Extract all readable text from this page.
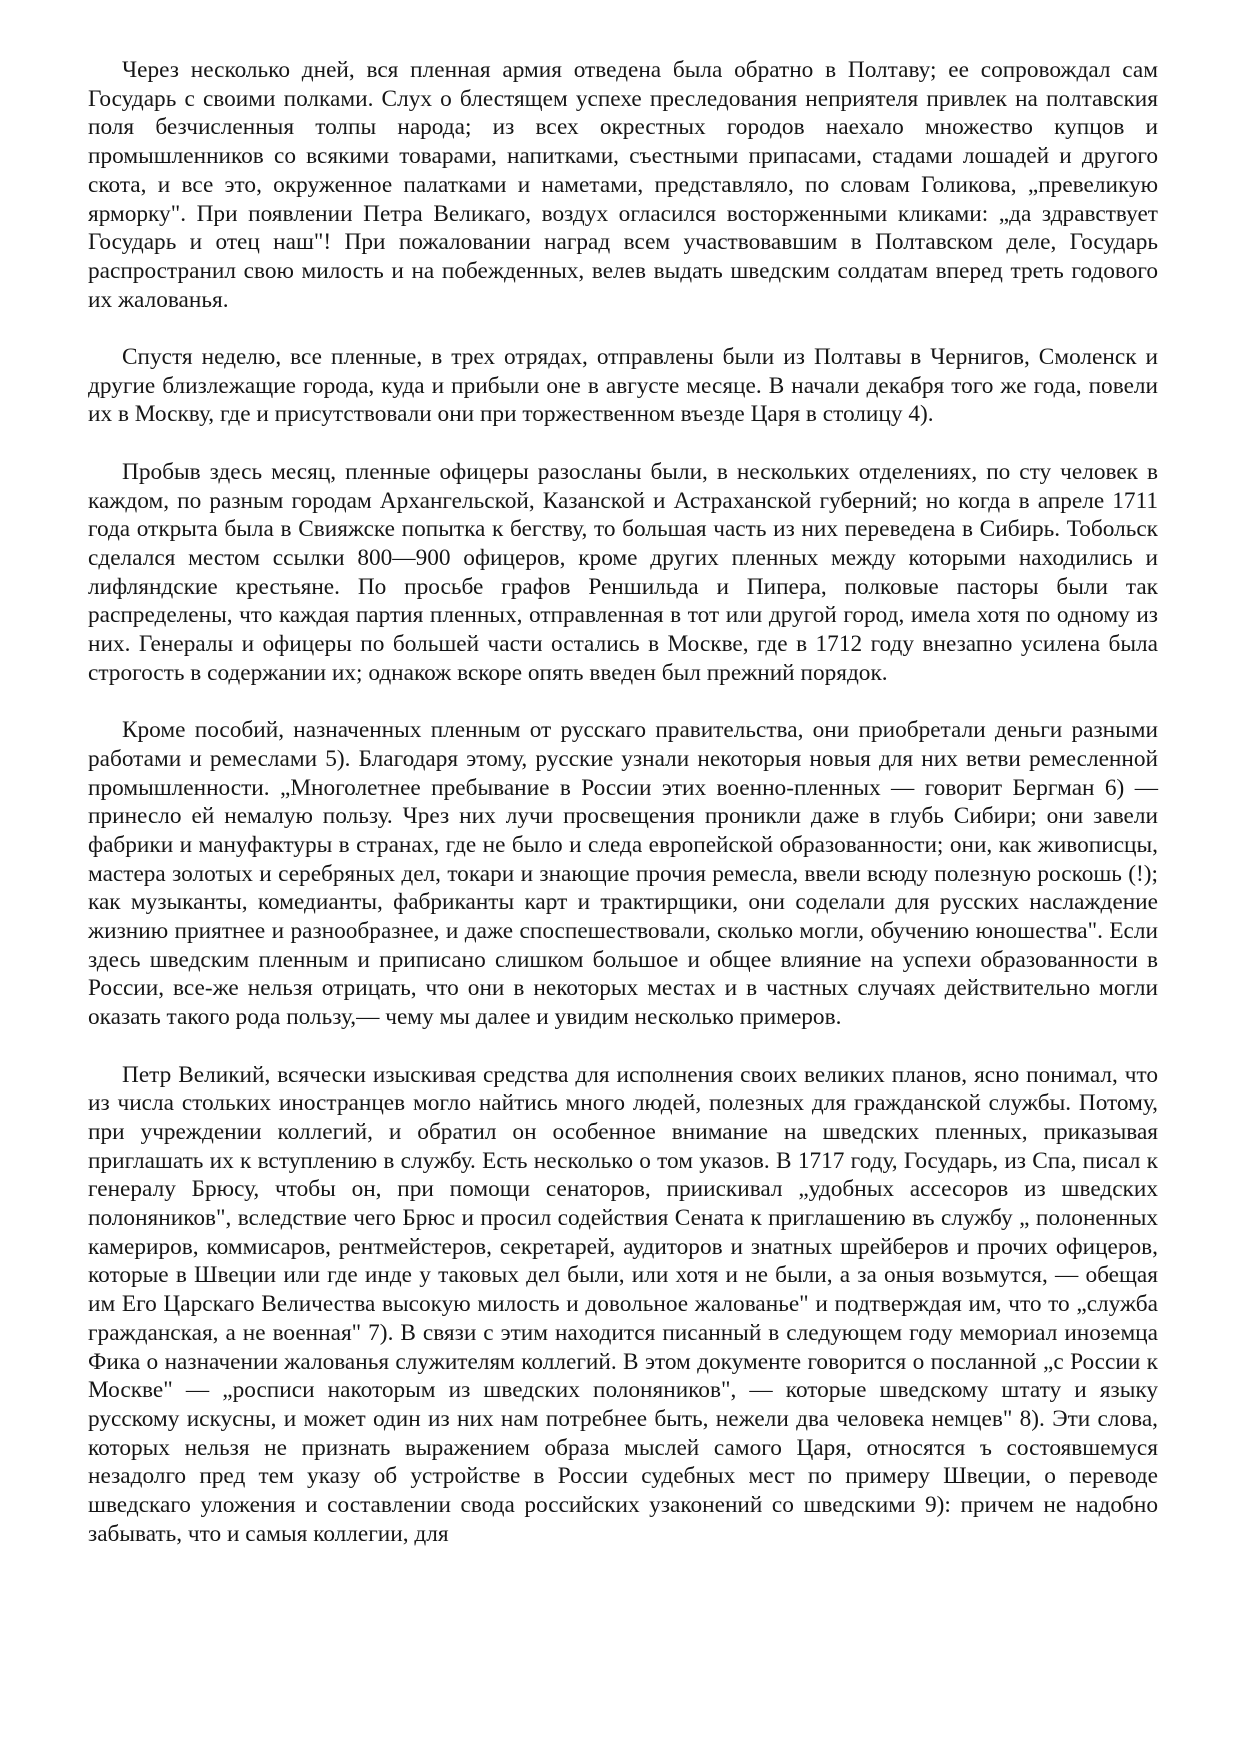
Через несколько дней, вся пленная армия отведена была обратно в Полтаву; ее сопровождал сам Государь с своими полками. Слух о блестящем успехе преследования неприятеля привлек на полтавския поля безчисленныя толпы народа; из всех окрестных городов наехало множество купцов и промышленников со всякими товарами, напитками, съестными припасами, стадами лошадей и другого скота, и все это, окруженное палатками и наметами, представляло, по словам Голикова, „превеликую ярморку". При появлении Петра Великаго, воздух огласился восторженными кликами: „да здравствует Государь и отец наш"! При пожаловании наград всем участвовавшим в Полтавском деле, Государь распространил свою милость и на побежденных, велев выдать шведским солдатам вперед треть годового их жалованья.

Спустя неделю, все пленные, в трех отрядах, отправлены были из Полтавы в Чернигов, Смоленск и другие близлежащие города, куда и прибыли оне в августе месяце. В начали декабря того же года, повели их в Москву, где и присутствовали они при торжественном въезде Царя в столицу 4).

Пробыв здесь месяц, пленные офицеры разосланы были, в нескольких отделениях, по сту человек в каждом, по разным городам Архангельской, Казанской и Астраханской губерний; но когда в апреле 1711 года открыта была в Свияжске попытка к бегству, то большая часть из них переведена в Сибирь. Тобольск сделался местом ссылки 800—900 офицеров, кроме других пленных между которыми находились и лифляндские крестьяне. По просьбе графов Реншильда и Пипера, полковые пасторы были так распределены, что каждая партия пленных, отправленная в тот или другой город, имела хотя по одному из них. Генералы и офицеры по большей части остались в Москве, где в 1712 году внезапно усилена была строгость в содержании их; однакож вскоре опять введен был прежний порядок.

Кроме пособий, назначенных пленным от русскаго правительства, они приобретали деньги разными работами и ремеслами 5). Благодаря этому, русские узнали некоторыя новыя для них ветви ремесленной промышленности. „Многолетнее пребывание в России этих военно-пленных — говорит Бергман 6) — принесло ей немалую пользу. Чрез них лучи просвещения проникли даже в глубь Сибири; они завели фабрики и мануфактуры в странах, где не было и следа европейской образованности; они, как живописцы, мастера золотых и серебряных дел, токари и знающие прочия ремесла, ввели всюду полезную роскошь (!); как музыканты, комедианты, фабриканты карт и трактирщики, они соделали для русских наслаждение жизнию приятнее и разнообразнее, и даже споспешествовали, сколько могли, обучению юношества". Если здесь шведским пленным и приписано слишком большое и общее влияние на успехи образованности в России, все-же нельзя отрицать, что они в некоторых местах и в частных случаях действительно могли оказать такого рода пользу,— чему мы далее и увидим несколько примеров.

Петр Великий, всячески изыскивая средства для исполнения своих великих планов, ясно понимал, что из числа стольких иностранцев могло найтись много людей, полезных для гражданской службы. Потому, при учреждении коллегий, и обратил он особенное внимание на шведских пленных, приказывая приглашать их к вступлению в службу. Есть несколько о том указов. В 1717 году, Государь, из Спа, писал к генералу Брюсу, чтобы он, при помощи сенаторов, приискивал „удобных ассесоров из шведских полоняников", вследствие чего Брюс и просил содействия Сената к приглашению въ службу „ полоненных камериров, коммисаров, рентмейстеров, секретарей, аудиторов и знатных шрейберов и прочих офицеров, которые в Швеции или где инде у таковых дел были, или хотя и не были, а за оныя возьмутся, — обещая им Его Царскаго Величества высокую милость и довольное жалованье" и подтверждая им, что то „служба гражданская, а не военная" 7). В связи с этим находится писанный в следующем году мемориал иноземца Фика о назначении жалованья служителям коллегий. В этом документе говорится о посланной „с России к Москве" — „росписи накоторым из шведских полоняников", — которые шведскому штату и языку русскому искусны, и может один из них нам потребнее быть, нежели два человека немцев" 8). Эти слова, которых нельзя не признать выражением образа мыслей самого Царя, относятся ъ состоявшемуся незадолго пред тем указу об устройстве в России судебных мест по примеру Швеции, о переводе шведскаго уложения и составлении свода российских узаконений со шведскими 9): причем не надобно забывать, что и самыя коллегии, для
